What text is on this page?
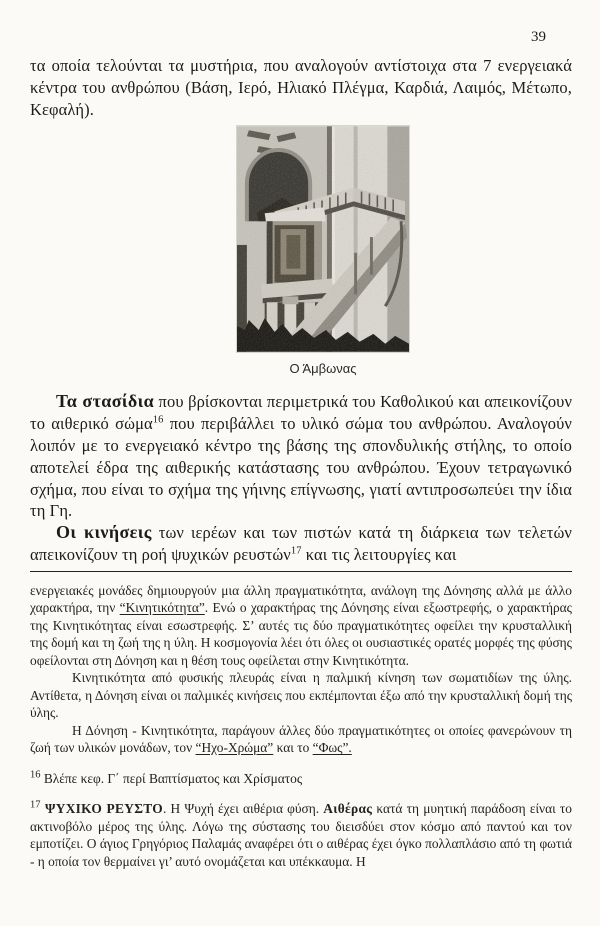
39

τα οποία τελούνται τα μυστήρια, που αναλογούν αντίστοιχα στα 7 ενεργειακά κέντρα του ανθρώπου (Βάση, Ιερό, Ηλιακό Πλέγμα, Καρδιά, Λαιμός, Μέτωπο, Κεφαλή).

Ο Άμβωνας

Τα στασίδια που βρίσκονται περιμετρικά του Καθολικού και απεικονίζουν το αιθερικό σώμα$^{16}$ που περιβάλλει το υλικό σώμα του ανθρώπου. Αναλογούν λοιπόν με το ενεργειακό κέντρο της βάσης της σπονδυλικής στήλης, το οποίο αποτελεί έδρα της αιθερικής κατάστασης του ανθρώπου. Έχουν τετραγωνικό σχήμα, που είναι το σχήμα της γήινης επίγνωσης, γιατί αντιπροσωπεύει την ίδια τη Γη.

Οι κινήσεις των ιερέων και των πιστών κατά τη διάρκεια των τελετών απεικονίζουν τη ροή ψυχικών ρευστών$^{17}$ και τις λειτουργίες και

ενεργειακές μονάδες δημιουργούν μια άλλη πραγματικότητα, ανάλογη της Δόνησης αλλά με άλλο χαρακτήρα, την “Κινητικότητα”. Ενώ ο χαρακτήρας της Δόνησης είναι εξωστρεφής, ο χαρακτήρας της Κινητικότητας είναι εσωστρεφής. Σ’ αυτές τις δύο πραγματικότητες οφείλει την κρυσταλλική της δομή και τη ζωή της η ύλη. Η κοσμογονία λέει ότι όλες οι ουσιαστικές ορατές μορφές της φύσης οφείλονται στη Δόνηση και η θέση τους οφείλεται στην Κινητικότητα.

Κινητικότητα από φυσικής πλευράς είναι η παλμική κίνηση των σωματιδίων της ύλης. Αντίθετα, η Δόνηση είναι οι παλμικές κινήσεις που εκπέμπονται έξω από την κρυσταλλική δομή της ύλης.

Η Δόνηση - Κινητικότητα, παράγουν άλλες δύο πραγματικότητες οι οποίες φανερώνουν τη ζωή των υλικών μονάδων, τον “Ηχο-Χρώμα” και το “Φως”.

$^{16}$ Βλέπε κεφ. Γ΄ περί Βαπτίσματος και Χρίσματος

$^{17}$ ΨΥΧΙΚΟ ΡΕΥΣΤΟ. Η Ψυχή έχει αιθέρια φύση. Αιθέρας κατά τη μυητική παράδοση είναι το ακτινοβόλο μέρος της ύλης. Λόγω της σύστασης του διεισδύει στον κόσμο από παντού και τον εμποτίζει. Ο άγιος Γρηγόριος Παλαμάς αναφέρει ότι ο αιθέρας έχει όγκο πολλαπλάσιο από τη φωτιά - η οποία τον θερμαίνει γι’ αυτό ονομάζεται και υπέκκαυμα. Η
